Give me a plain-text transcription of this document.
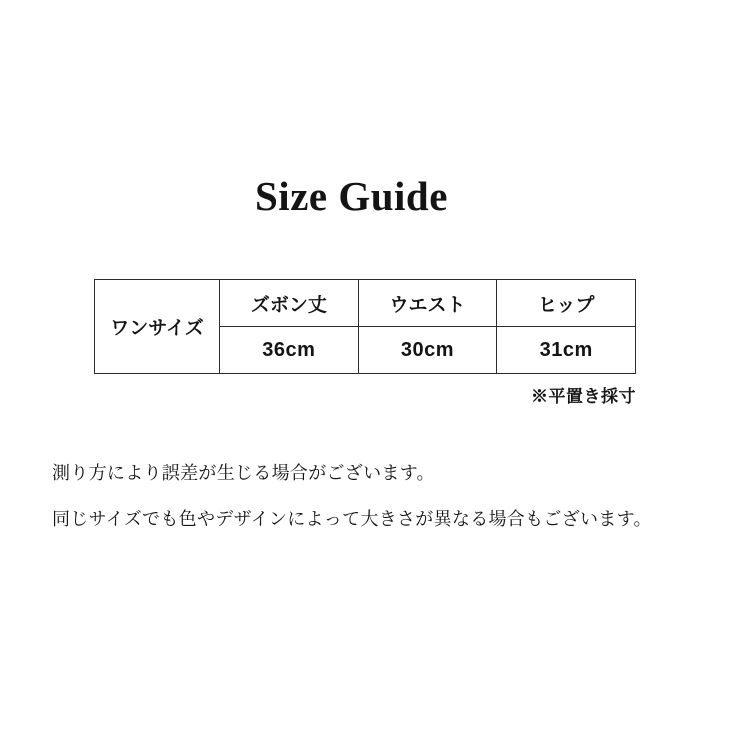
Size Guide
ワンサイズ	ズボン丈	ウエスト	ヒップ
	36cm	30cm	31cm
※平置き採寸

測り方により誤差が生じる場合がございます。

同じサイズでも色やデザインによって大きさが異なる場合もございます。
